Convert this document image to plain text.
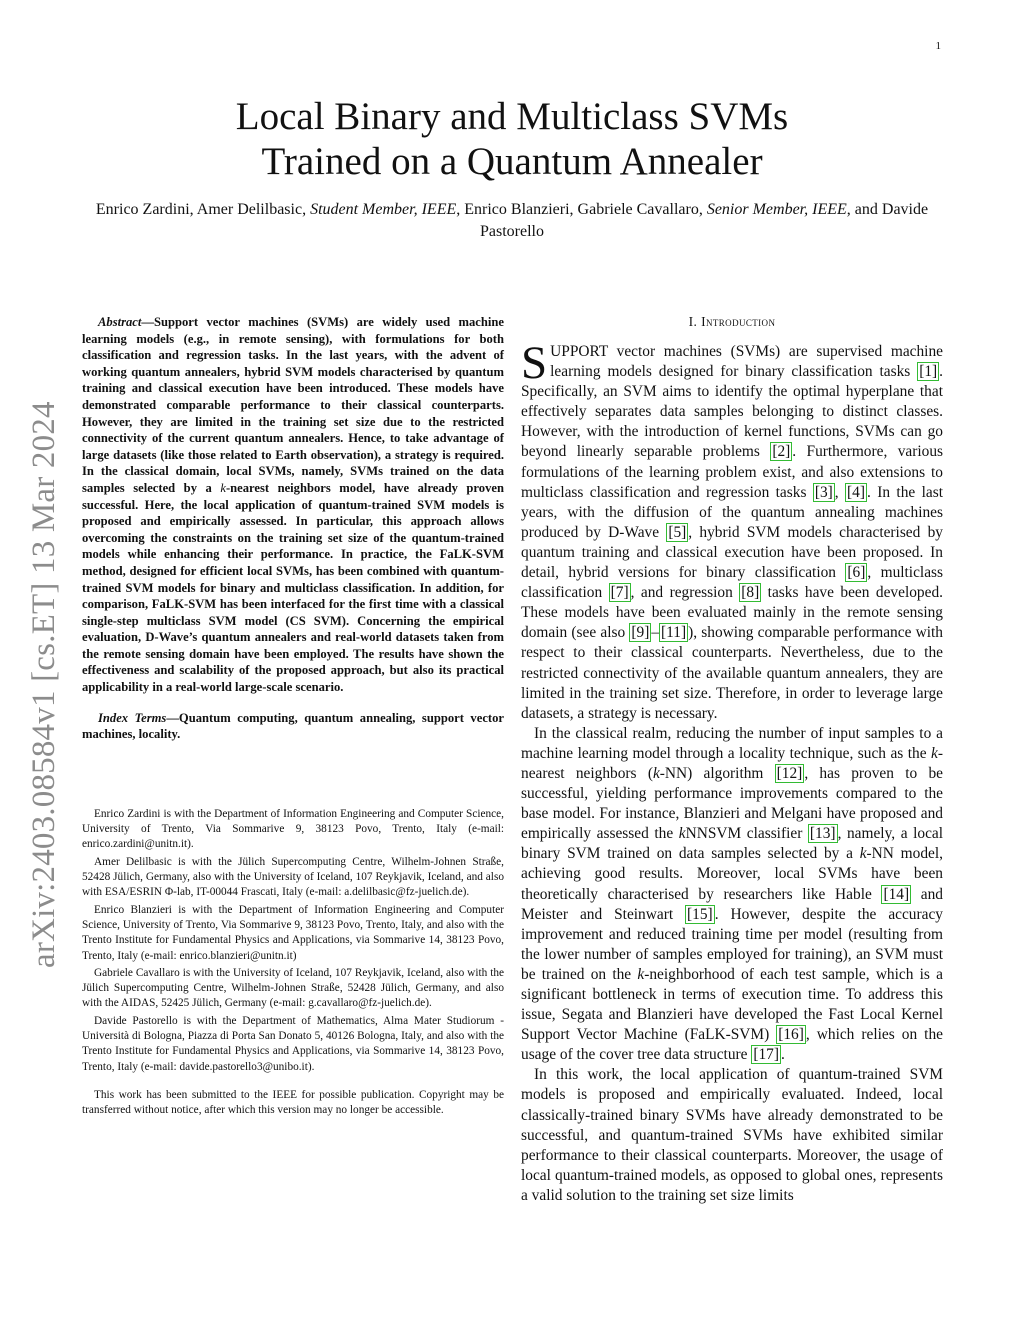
1
arXiv:2403.08584v1 [cs.ET] 13 Mar 2024
Local Binary and Multiclass SVMs
Trained on a Quantum Annealer
Enrico Zardini, Amer Delilbasic, Student Member, IEEE, Enrico Blanzieri, Gabriele Cavallaro, Senior Member, IEEE, and Davide Pastorello

Abstract—Support vector machines (SVMs) are widely used machine learning models (e.g., in remote sensing), with formulations for both classification and regression tasks. In the last years, with the advent of working quantum annealers, hybrid SVM models characterised by quantum training and classical execution have been introduced. These models have demonstrated comparable performance to their classical counterparts. However, they are limited in the training set size due to the restricted connectivity of the current quantum annealers. Hence, to take advantage of large datasets (like those related to Earth observation), a strategy is required. In the classical domain, local SVMs, namely, SVMs trained on the data samples selected by a k-nearest neighbors model, have already proven successful. Here, the local application of quantum-trained SVM models is proposed and empirically assessed. In particular, this approach allows overcoming the constraints on the training set size of the quantum-trained models while enhancing their performance. In practice, the FaLK-SVM method, designed for efficient local SVMs, has been combined with quantum-trained SVM models for binary and multiclass classification. In addition, for comparison, FaLK-SVM has been interfaced for the first time with a classical single-step multiclass SVM model (CS SVM). Concerning the empirical evaluation, D-Wave’s quantum annealers and real-world datasets taken from the remote sensing domain have been employed. The results have shown the effectiveness and scalability of the proposed approach, but also its practical applicability in a real-world large-scale scenario.

Index Terms—Quantum computing, quantum annealing, support vector machines, locality.

Enrico Zardini is with the Department of Information Engineering and Computer Science, University of Trento, Via Sommarive 9, 38123 Povo, Trento, Italy (e-mail: enrico.zardini@unitn.it).

Amer Delilbasic is with the Jülich Supercomputing Centre, Wilhelm-Johnen Straße, 52428 Jülich, Germany, also with the University of Iceland, 107 Reykjavik, Iceland, and also with ESA/ESRIN Φ-lab, IT-00044 Frascati, Italy (e-mail: a.delilbasic@fz-juelich.de).

Enrico Blanzieri is with the Department of Information Engineering and Computer Science, University of Trento, Via Sommarive 9, 38123 Povo, Trento, Italy, and also with the Trento Institute for Fundamental Physics and Applications, via Sommarive 14, 38123 Povo, Trento, Italy (e-mail: enrico.blanzieri@unitn.it)

Gabriele Cavallaro is with the University of Iceland, 107 Reykjavik, Iceland, also with the Jülich Supercomputing Centre, Wilhelm-Johnen Straße, 52428 Jülich, Germany, and also with the AIDAS, 52425 Jülich, Germany (e-mail: g.cavallaro@fz-juelich.de).

Davide Pastorello is with the Department of Mathematics, Alma Mater Studiorum - Università di Bologna, Piazza di Porta San Donato 5, 40126 Bologna, Italy, and also with the Trento Institute for Fundamental Physics and Applications, via Sommarive 14, 38123 Povo, Trento, Italy (e-mail: davide.pastorello3@unibo.it).

This work has been submitted to the IEEE for possible publication. Copyright may be transferred without notice, after which this version may no longer be accessible.

I. Introduction

SUPPORT vector machines (SVMs) are supervised machine learning models designed for binary classification tasks [1] . Specifically, an SVM aims to identify the optimal hyperplane that effectively separates data samples belonging to distinct classes. However, with the introduction of kernel functions, SVMs can go beyond linearly separable problems [2] . Furthermore, various formulations of the learning problem exist, and also extensions to multiclass classification and regression tasks [3] , [4] . In the last years, with the diffusion of the quantum annealing machines produced by D-Wave [5] , hybrid SVM models characterised by quantum training and classical execution have been proposed. In detail, hybrid versions for binary classification [6] , multiclass classification [7] , and regression [8] tasks have been developed. These models have been evaluated mainly in the remote sensing domain (see also [9] – [11] ), showing comparable performance with respect to their classical counterparts. Nevertheless, due to the restricted connectivity of the available quantum annealers, they are limited in the training set size. Therefore, in order to leverage large datasets, a strategy is necessary.

In the classical realm, reducing the number of input samples to a machine learning model through a locality technique, such as the k-nearest neighbors (k-NN) algorithm [12] , has proven to be successful, yielding performance improvements compared to the base model. For instance, Blanzieri and Melgani have proposed and empirically assessed the kNNSVM classifier [13] , namely, a local binary SVM trained on data samples selected by a k-NN model, achieving good results. Moreover, local SVMs have been theoretically characterised by researchers like Hable [14] and Meister and Steinwart [15] . However, despite the accuracy improvement and reduced training time per model (resulting from the lower number of samples employed for training), an SVM must be trained on the k-neighborhood of each test sample, which is a significant bottleneck in terms of execution time. To address this issue, Segata and Blanzieri have developed the Fast Local Kernel Support Vector Machine (FaLK-SVM) [16] , which relies on the usage of the cover tree data structure [17] .

In this work, the local application of quantum-trained SVM models is proposed and empirically evaluated. Indeed, local classically-trained binary SVMs have already demonstrated to be successful, and quantum-trained SVMs have exhibited similar performance to their classical counterparts. Moreover, the usage of local quantum-trained models, as opposed to global ones, represents a valid solution to the training set size limits
